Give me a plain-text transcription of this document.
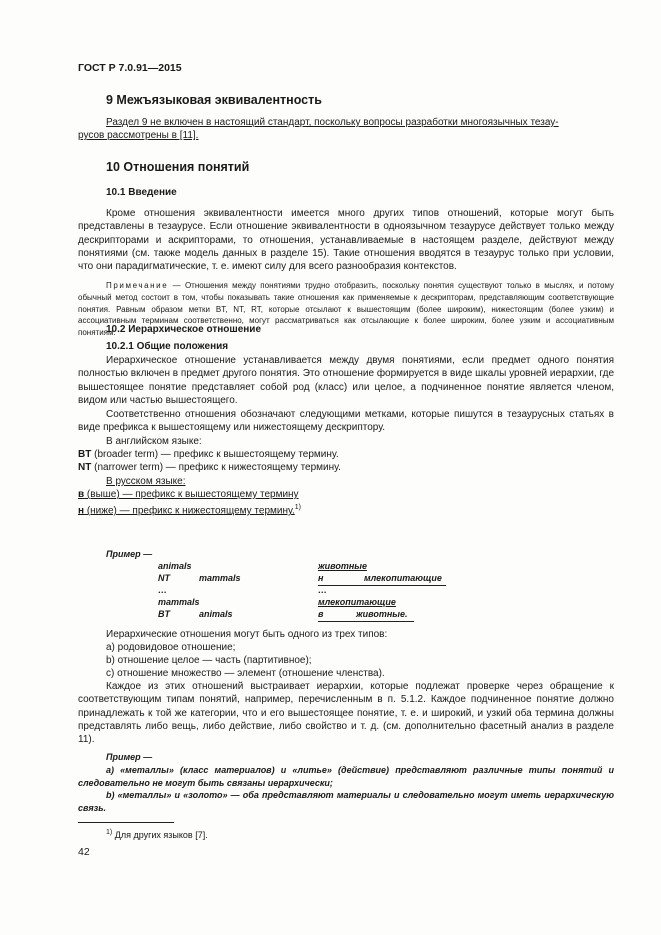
ГОСТ Р 7.0.91—2015
9 Межъязыковая эквивалентность
Раздел 9 не включен в настоящий стандарт, поскольку вопросы разработки многоязычных тезау-
русов рассмотрены в [11].
10 Отношения понятий
10.1 Введение

Кроме отношения эквивалентности имеется много других типов отношений, которые могут быть представлены в тезаурусе. Если отношение эквивалентности в одноязычном тезаурусе действует только между дескрипторами и аскрипторами, то отношения, устанавливаемые в настоящем разделе, действуют между понятиями (см. также модель данных в разделе 15). Такие отношения вводятся в тезаурус только при условии, что они парадигматические, т. е. имеют силу для всего разнообразия контекстов.

Примечание — Отношения между понятиями трудно отобразить, поскольку понятия существуют только в мыслях, и потому обычный метод состоит в том, чтобы показывать такие отношения как применяемые к дескрипторам, представляющим соответствующие понятия. Равным образом метки BT, NT, RT, которые отсылают к вышестоящим (более широким), нижестоящим (более узким) и ассоциативным терминам соответственно, могут рассматриваться как отсылающие к более широким, более узким и ассоциативным понятиям.

10.2 Иерархическое отношение
10.2.1 Общие положения

Иерархическое отношение устанавливается между двумя понятиями, если предмет одного понятия полностью включен в предмет другого понятия. Это отношение формируется в виде шкалы уровней иерархии, где вышестоящее понятие представляет собой род (класс) или целое, а подчиненное понятие является членом, видом или частью вышестоящего.

Соответственно отношения обозначают следующими метками, которые пишутся в тезаурусных статьях в виде префикса к вышестоящему или нижестоящему дескриптору.

В английском языке:
BT (broader term) — префикс к вышестоящему термину.
NT (narrower term) — префикс к нижестоящему термину.
В русском языке:
в (выше) — префикс к вышестоящему термину
н (ниже) — префикс к нижестоящему термину.$^{1)}$
Пример —
animals	животные
NT	mammals	н	млекопитающие
…	…
mammals	млекопитающие
BT	animals	в	животные.
Иерархические отношения могут быть одного из трех типов:
a) родовидовое отношение;
b) отношение целое — часть (партитивное);
c) отношение множество — элемент (отношение членства).

Каждое из этих отношений выстраивает иерархии, которые подлежат проверке через обращение к соответствующим типам понятий, например, перечисленным в п. 5.1.2. Каждое подчиненное понятие должно принадлежать к той же категории, что и его вышестоящее понятие, т. е. и широкий, и узкий оба термина должны представлять либо вещь, либо действие, либо свойство и т. д. (см. дополнительно фасетный анализ в разделе 11).

Пример —

a) «металлы» (класс материалов) и «литье» (действие) представляют различные типы понятий и следовательно не могут быть связаны иерархически;

b) «металлы» и «золото» — оба представляют материалы и следовательно могут иметь иерархическую связь.

$^{1)}$ Для других языков [7].
42
